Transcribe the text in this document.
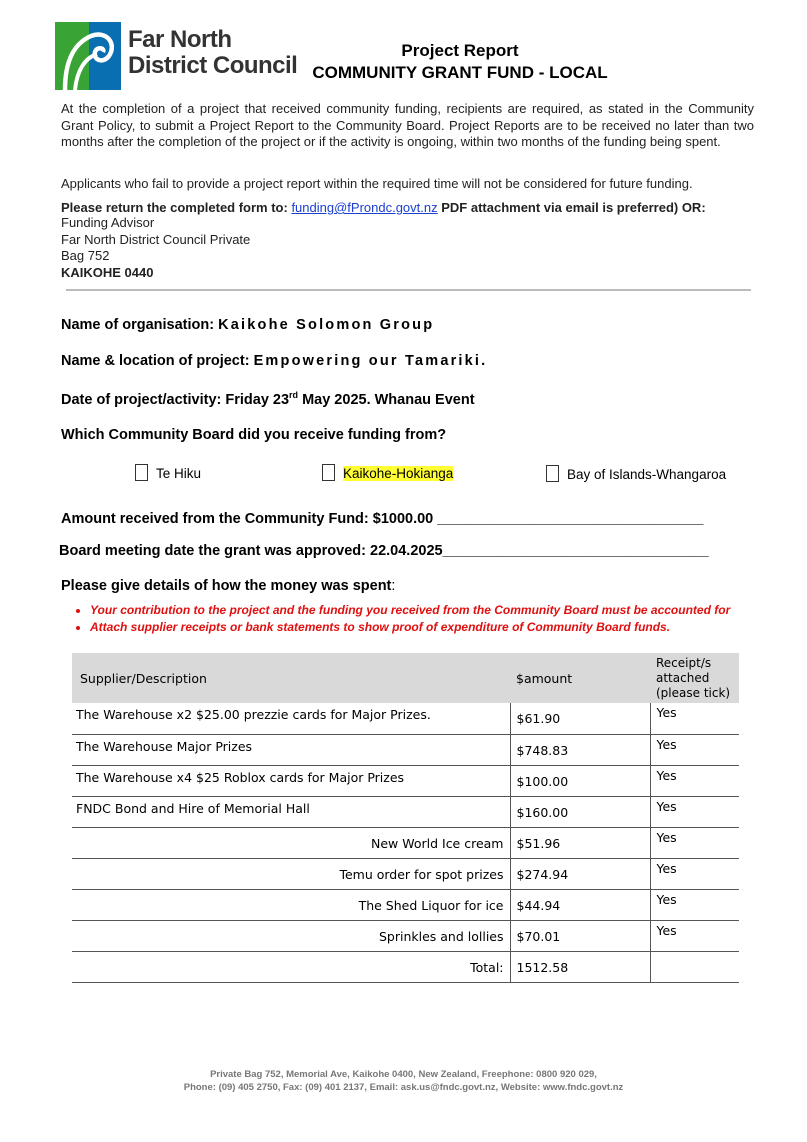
Far North
District Council
Project Report
COMMUNITY GRANT FUND - LOCAL
At the completion of a project that received community funding, recipients are required, as stated in the Community Grant Policy, to submit a Project Report to the Community Board. Project Reports are to be received no later than two months after the completion of the project or if the activity is ongoing, within two months of the funding being spent.
Applicants who fail to provide a project report within the required time will not be considered for future funding.
Please return the completed form to: funding@fProndc.govt.nz PDF attachment via email is preferred) OR:
Funding Advisor
Far North District Council Private
Bag 752
KAIKOHE 0440
Name of organisation: Kaikohe Solomon Group
Name & location of project: Empowering our Tamariki.
Date of project/activity: Friday 23rd May 2025. Whanau Event
Which Community Board did you receive funding from?
Te Hiku	Kaikohe-Hokianga	Bay of Islands-Whangaroa
Amount received from the Community Fund: $1000.00 _________________________________
Board meeting date the grant was approved: 22.04.2025_________________________________
Please give details of how the money was spent:
• Your contribution to the project and the funding you received from the Community Board must be accounted for
• Attach supplier receipts or bank statements to show proof of expenditure of Community Board funds.
Supplier/Description	$amount	Receipt/s
attached
(please tick)

The Warehouse x2 $25.00 prezzie cards for Major Prizes.	$61.90	Yes
The Warehouse Major Prizes	$748.83	Yes
The Warehouse x4 $25 Roblox cards for Major Prizes	$100.00	Yes
FNDC Bond and Hire of Memorial Hall	$160.00	Yes
New World Ice cream	$51.96	Yes
Temu order for spot prizes	$274.94	Yes
The Shed Liquor for ice	$44.94	Yes
Sprinkles and lollies	$70.01	Yes
Total:	1512.58	
Private Bag 752, Memorial Ave, Kaikohe 0400, New Zealand, Freephone: 0800 920 029,
Phone: (09) 405 2750, Fax: (09) 401 2137, Email: ask.us@fndc.govt.nz, Website: www.fndc.govt.nz
